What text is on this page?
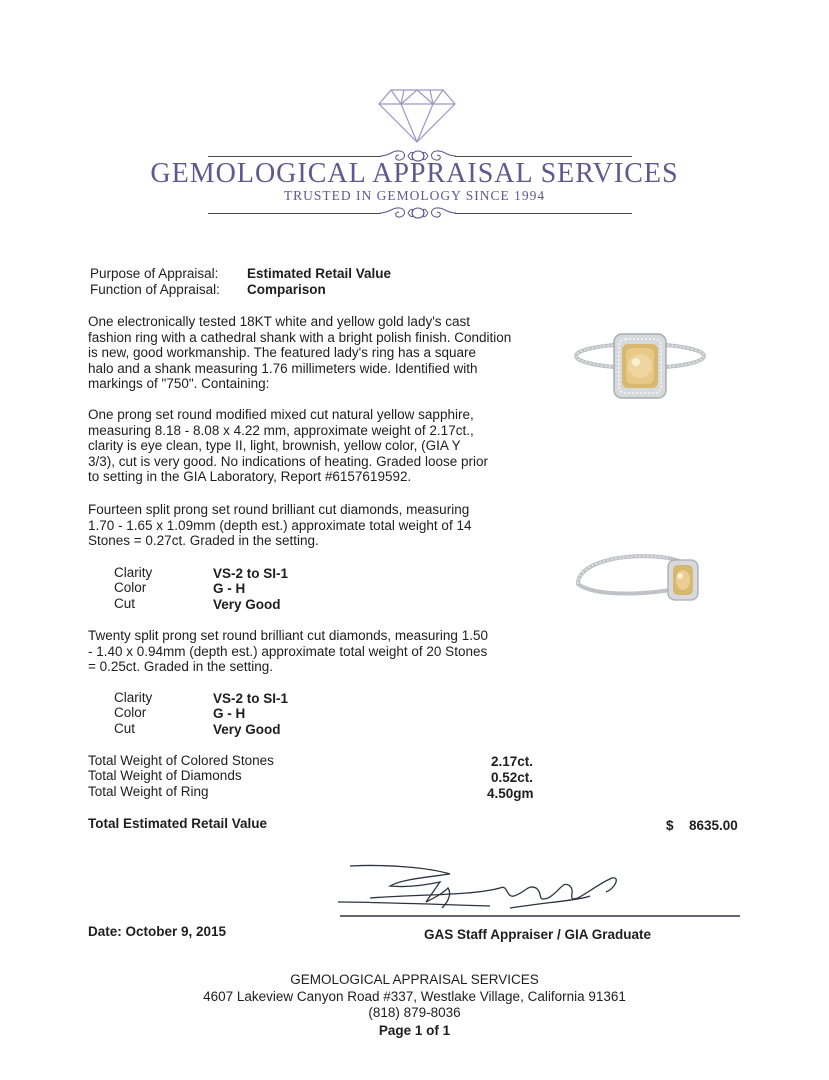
GEMOLOGICAL APPRAISAL SERVICES
TRUSTED IN GEMOLOGY SINCE 1994
Purpose of Appraisal: Estimated Retail Value
Function of Appraisal: Comparison
One electronically tested 18KT white and yellow gold lady's cast
fashion ring with a cathedral shank with a bright polish finish. Condition
is new, good workmanship. The featured lady's ring has a square
halo and a shank measuring 1.76 millimeters wide. Identified with
markings of "750". Containing:
One prong set round modified mixed cut natural yellow sapphire,
measuring 8.18 - 8.08 x 4.22 mm, approximate weight of 2.17ct.,
clarity is eye clean, type II, light, brownish, yellow color, (GIA Y
3/3), cut is very good. No indications of heating. Graded loose prior
to setting in the GIA Laboratory, Report #6157619592.
Fourteen split prong set round brilliant cut diamonds, measuring
1.70 - 1.65 x 1.09mm (depth est.) approximate total weight of 14
Stones = 0.27ct. Graded in the setting.
Clarity	VS-2 to SI-1
Color	G - H
Cut	Very Good
Twenty split prong set round brilliant cut diamonds, measuring 1.50
- 1.40 x 0.94mm (depth est.) approximate total weight of 20 Stones
= 0.25ct. Graded in the setting.
Clarity	VS-2 to SI-1
Color	G - H
Cut	Very Good
Total Weight of Colored Stones	2.17ct.
Total Weight of Diamonds	0.52ct.
Total Weight of Ring	4.50gm
Total Estimated Retail Value	$ 8635.00
Date: October 9, 2015	GAS Staff Appraiser / GIA Graduate
GEMOLOGICAL APPRAISAL SERVICES
4607 Lakeview Canyon Road #337, Westlake Village, California 91361
(818) 879-8036
Page 1 of 1
